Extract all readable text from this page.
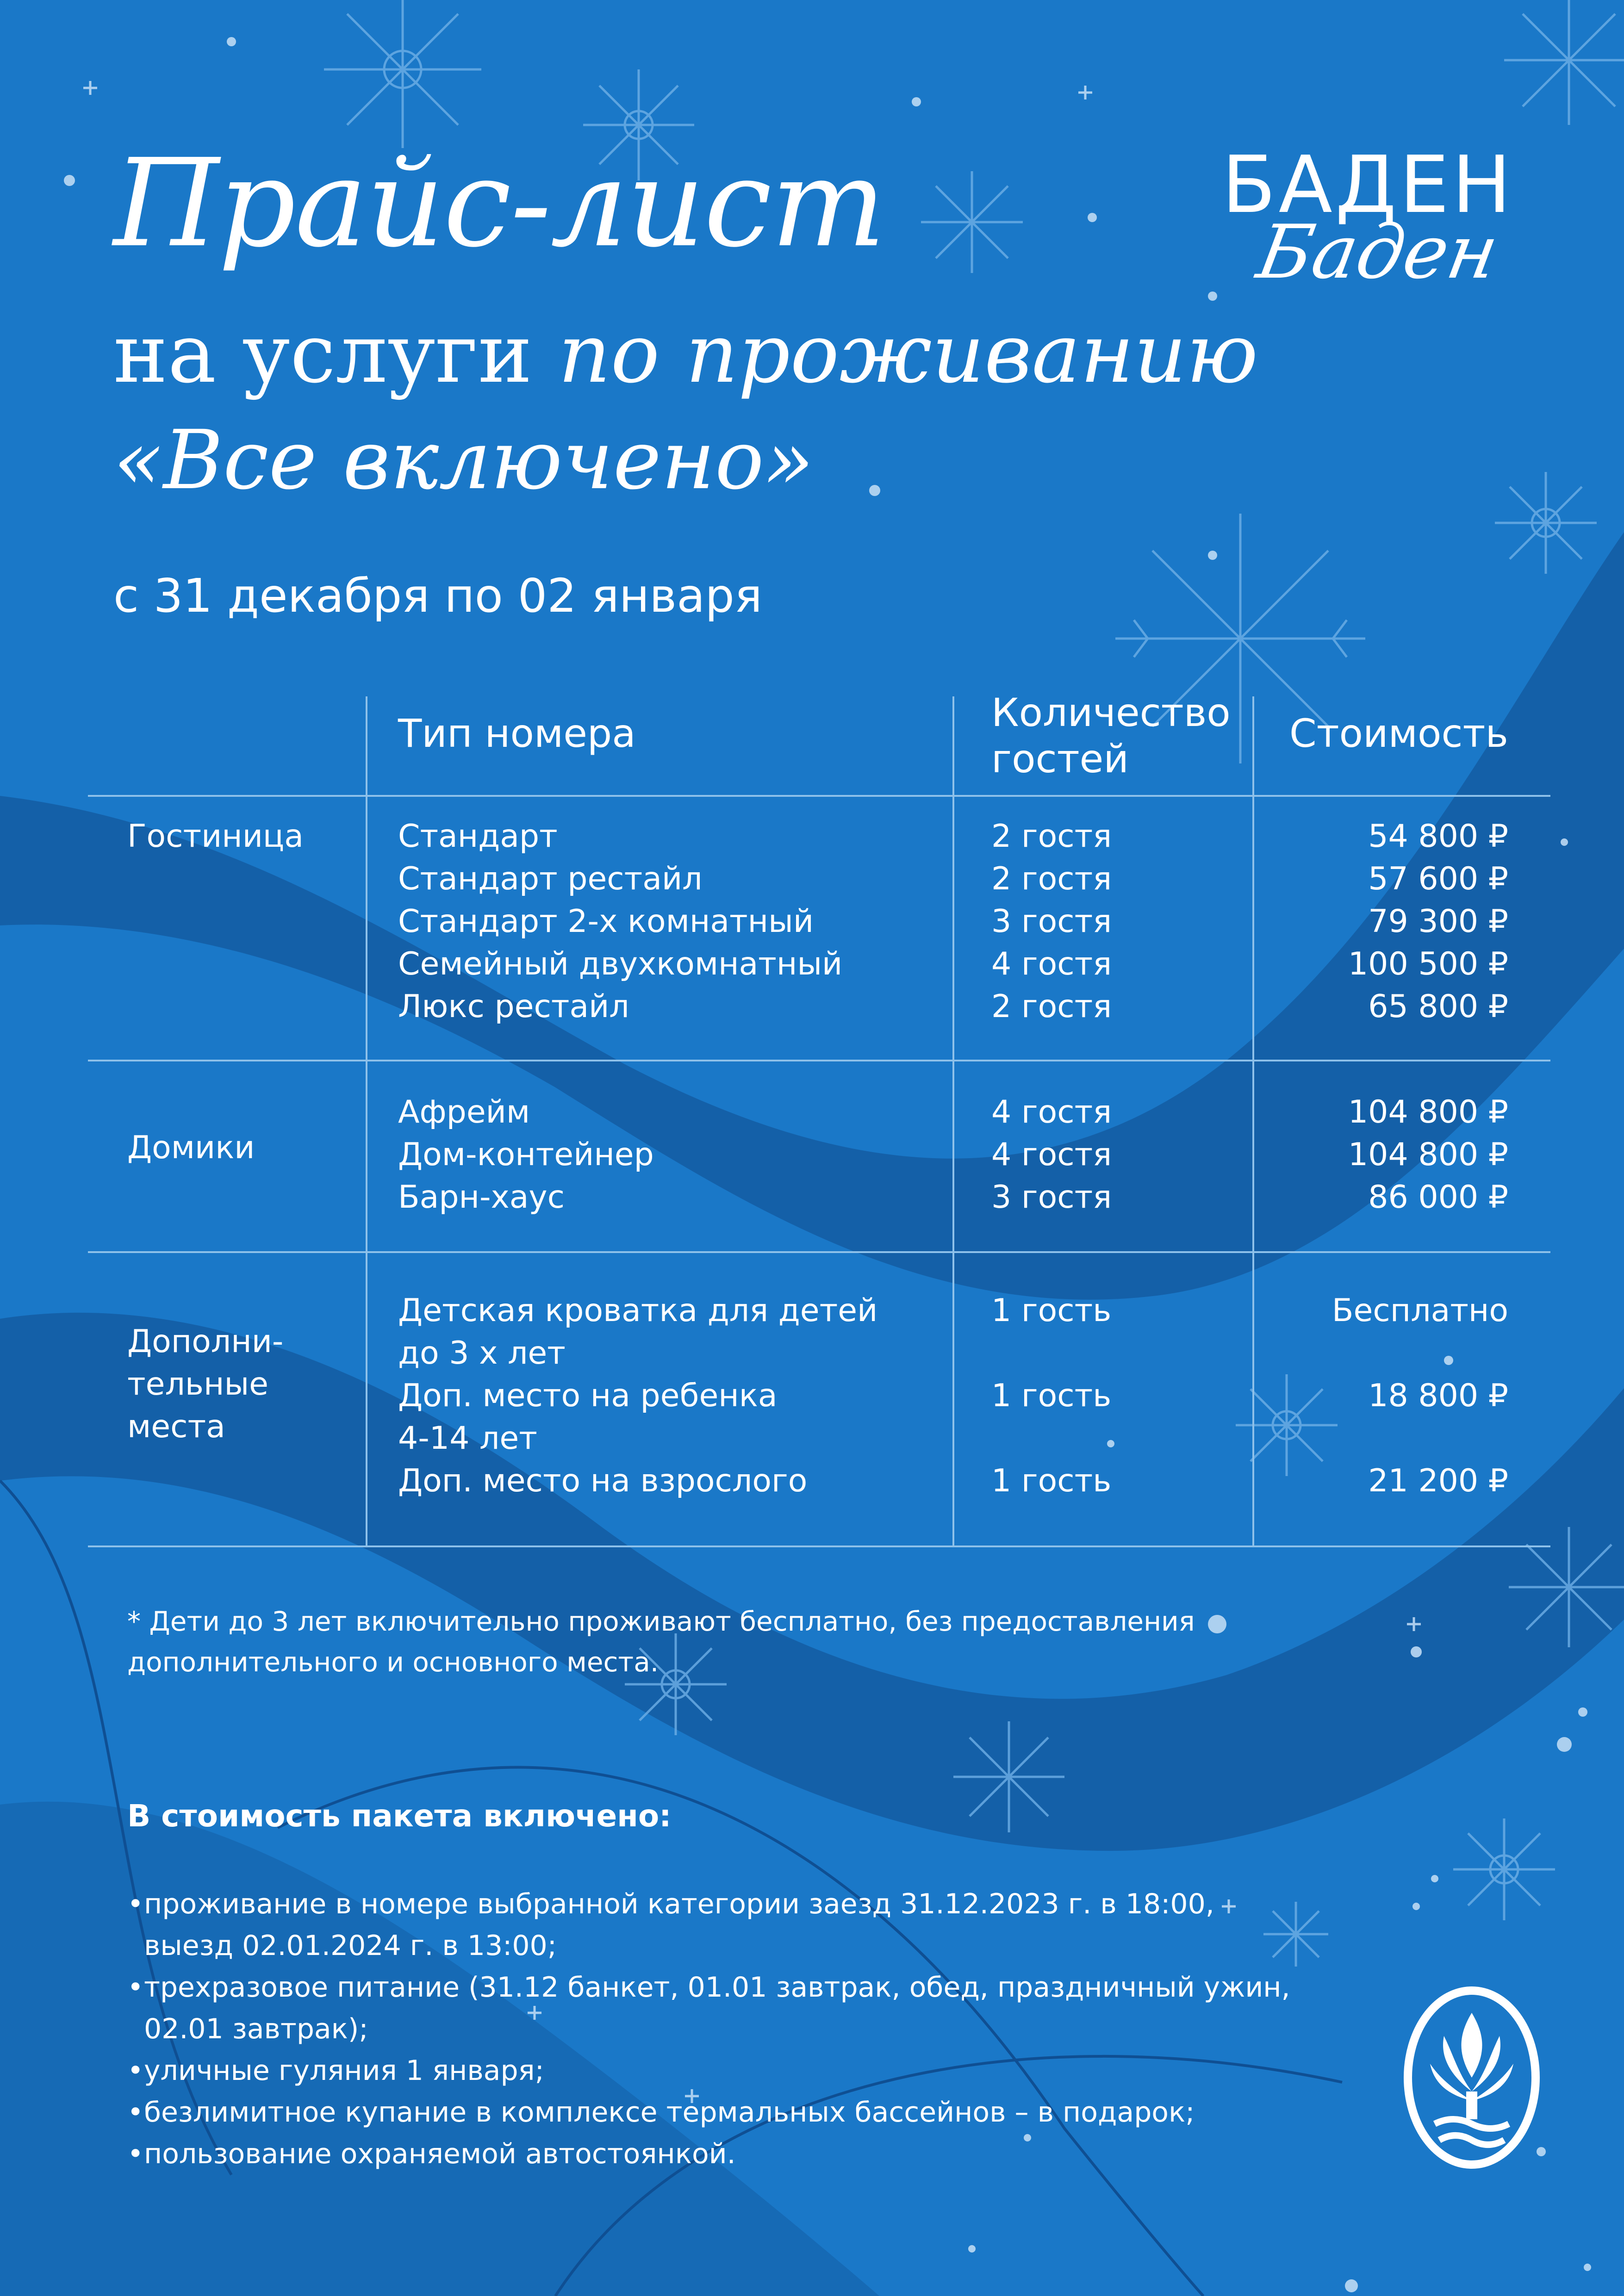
Прайс-лист
на услуги по проживанию
«Все включено»
с 31 декабря по 02 января
БАДЕН
Баден
Тип номера	Количество
гостей
Стоимость
Гостиница	Стандарт
Стандарт рестайл
Стандарт 2-х комнатный
Семейный двухкомнатный
Люкс рестайл
2 гостя
2 гостя
3 гостя
4 гостя
2 гостя
54 800 ₽
57 600 ₽
79 300 ₽
100 500 ₽
65 800 ₽
Домики
Афрейм
Дом-контейнер
Барн-хаус
4 гостя
4 гостя
3 гостя
104 800 ₽
104 800 ₽
86 000 ₽
Дополни-
тельные
места
Детская кроватка для детей
до 3 х лет
Доп. место на ребенка
4-14 лет
Доп. место на взрослого
1 гость
1 гость
1 гость
Бесплатно
18 800 ₽
21 200 ₽
* Дети до 3 лет включительно проживают бесплатно, без предоставления
дополнительного и основного места.
В стоимость пакета включено:
• проживание в номере выбранной категории заезд 31.12.2023 г. в 18:00,
выезд 02.01.2024 г. в 13:00;
• трехразовое питание (31.12 банкет, 01.01 завтрак, обед, праздничный ужин,
02.01 завтрак);
• уличные гуляния 1 января;
• безлимитное купание в комплексе термальных бассейнов – в подарок;
• пользование охраняемой автостоянкой.
